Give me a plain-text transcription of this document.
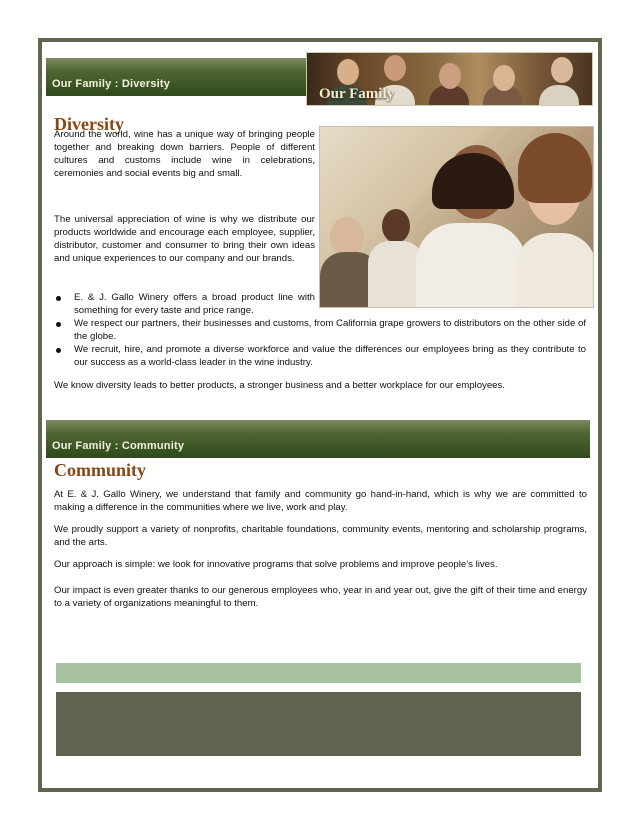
Our Family : Diversity
Our Family
Diversity

Around the world, wine has a unique way of bringing people together and breaking down barriers. People of different cultures and customs include wine in celebrations, ceremonies and social events big and small.

The universal appreciation of wine is why we distribute our products worldwide and encourage each employee, supplier, distributor, customer and consumer to bring their own ideas and unique experiences to our company and our brands.

E. & J. Gallo Winery offers a broad product line with something for every taste and price range.

We respect our partners, their businesses and customs, from California grape growers to distributors on the other side of the globe.

We recruit, hire, and promote a diverse workforce and value the differences our employees bring as they contribute to our success as a world-class leader in the wine industry.

We know diversity leads to better products, a stronger business and a better workplace for our employees.

Our Family : Community
Community

At E. & J. Gallo Winery, we understand that family and community go hand-in-hand, which is why we are committed to making a difference in the communities where we live, work and play.

We proudly support a variety of nonprofits, charitable foundations, community events, mentoring and scholarship programs, and the arts.

Our approach is simple: we look for innovative programs that solve problems and improve people’s lives.

Our impact is even greater thanks to our generous employees who, year in and year out, give the gift of their time and energy to a variety of organizations meaningful to them.
